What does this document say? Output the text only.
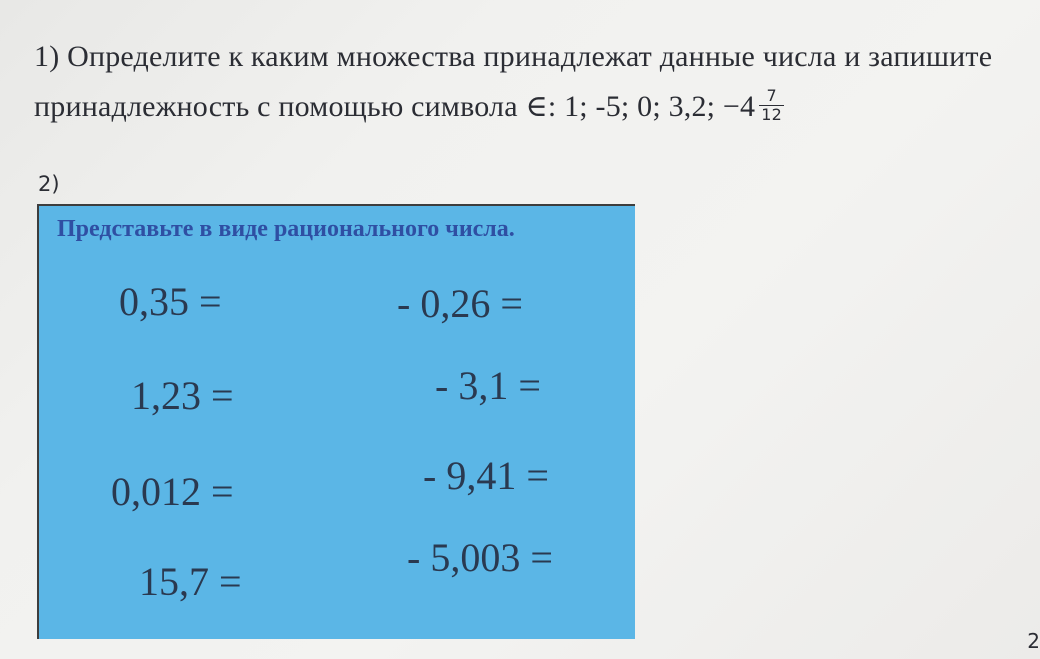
1) Определите к каким множества принадлежат данные числа и запишите
принадлежность с помощью символа ∈: 1; -5; 0; 3,2; $-4 \frac{7}{12}$
2)
Представьте в виде рационального числа.
0,35 =
1,23 =
0,012 =
15,7 =
- 0,26 =
- 3,1 =
- 9,41 =
- 5,003 =
2
